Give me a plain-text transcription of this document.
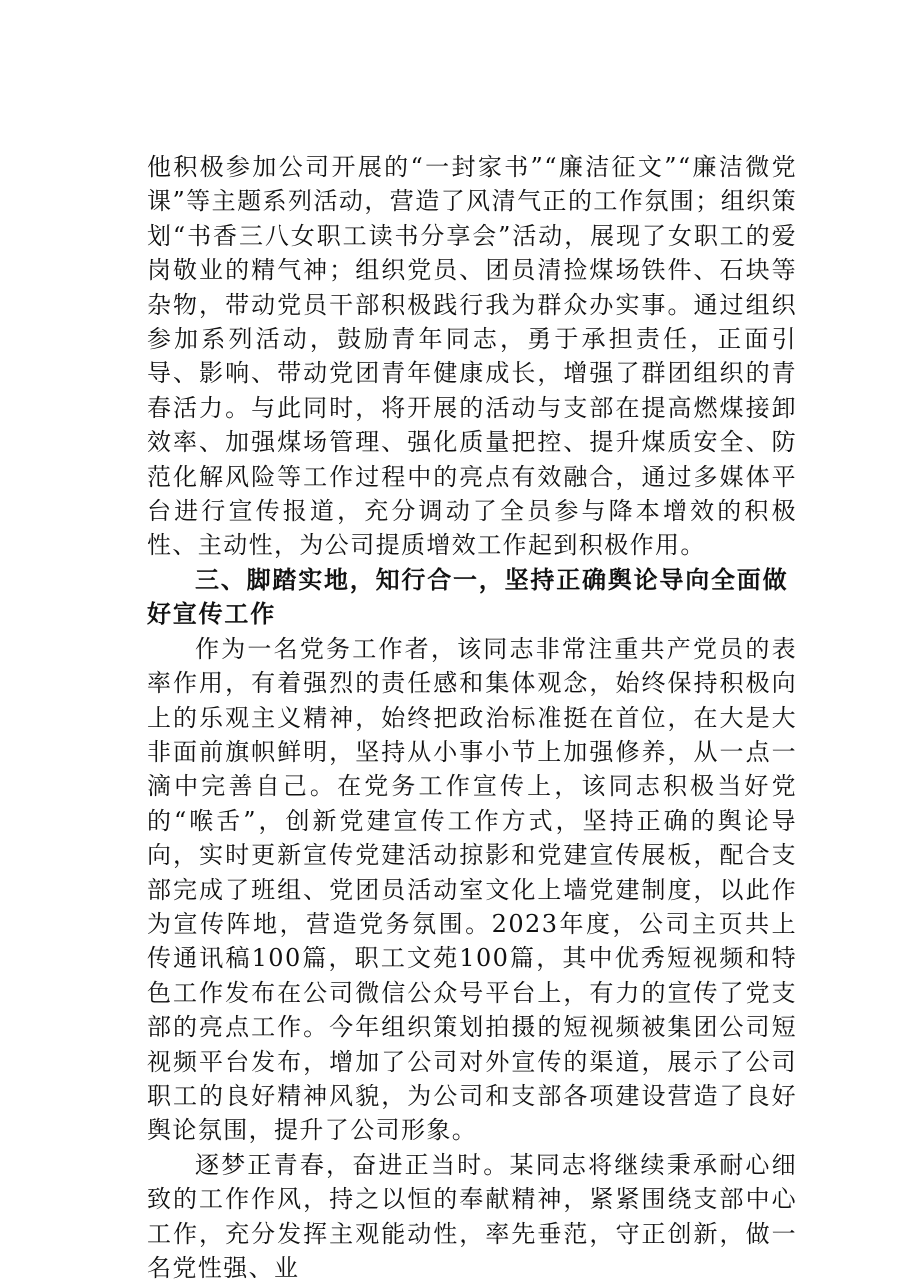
他积极参加公司开展的“一封家书”“廉洁征文”“廉洁微党课”等主题系列活动，营造了风清气正的工作氛围；组织策划“书香三八女职工读书分享会”活动，展现了女职工的爱岗敬业的精气神；组织党员、团员清捡煤场铁件、石块等杂物，带动党员干部积极践行我为群众办实事。通过组织参加系列活动，鼓励青年同志，勇于承担责任，正面引导、影响、带动党团青年健康成长，增强了群团组织的青春活力。与此同时，将开展的活动与支部在提高燃煤接卸效率、加强煤场管理、强化质量把控、提升煤质安全、防范化解风险等工作过程中的亮点有效融合，通过多媒体平台进行宣传报道，充分调动了全员参与降本增效的积极性、主动性，为公司提质增效工作起到积极作用。

三、脚踏实地，知行合一，坚持正确舆论导向全面做好宣传工作

作为一名党务工作者，该同志非常注重共产党员的表率作用，有着强烈的责任感和集体观念，始终保持积极向上的乐观主义精神，始终把政治标准挺在首位，在大是大非面前旗帜鲜明，坚持从小事小节上加强修养，从一点一滴中完善自己。在党务工作宣传上，该同志积极当好党的“喉舌”，创新党建宣传工作方式，坚持正确的舆论导向，实时更新宣传党建活动掠影和党建宣传展板，配合支部完成了班组、党团员活动室文化上墙党建制度，以此作为宣传阵地，营造党务氛围。2023年度，公司主页共上传通讯稿100篇，职工文苑100篇，其中优秀短视频和特色工作发布在公司微信公众号平台上，有力的宣传了党支部的亮点工作。今年组织策划拍摄的短视频被集团公司短视频平台发布，增加了公司对外宣传的渠道，展示了公司职工的良好精神风貌，为公司和支部各项建设营造了良好舆论氛围，提升了公司形象。

逐梦正青春，奋进正当时。某同志将继续秉承耐心细致的工作作风，持之以恒的奉献精神，紧紧围绕支部中心工作，充分发挥主观能动性，率先垂范，守正创新，做一名党性强、业
